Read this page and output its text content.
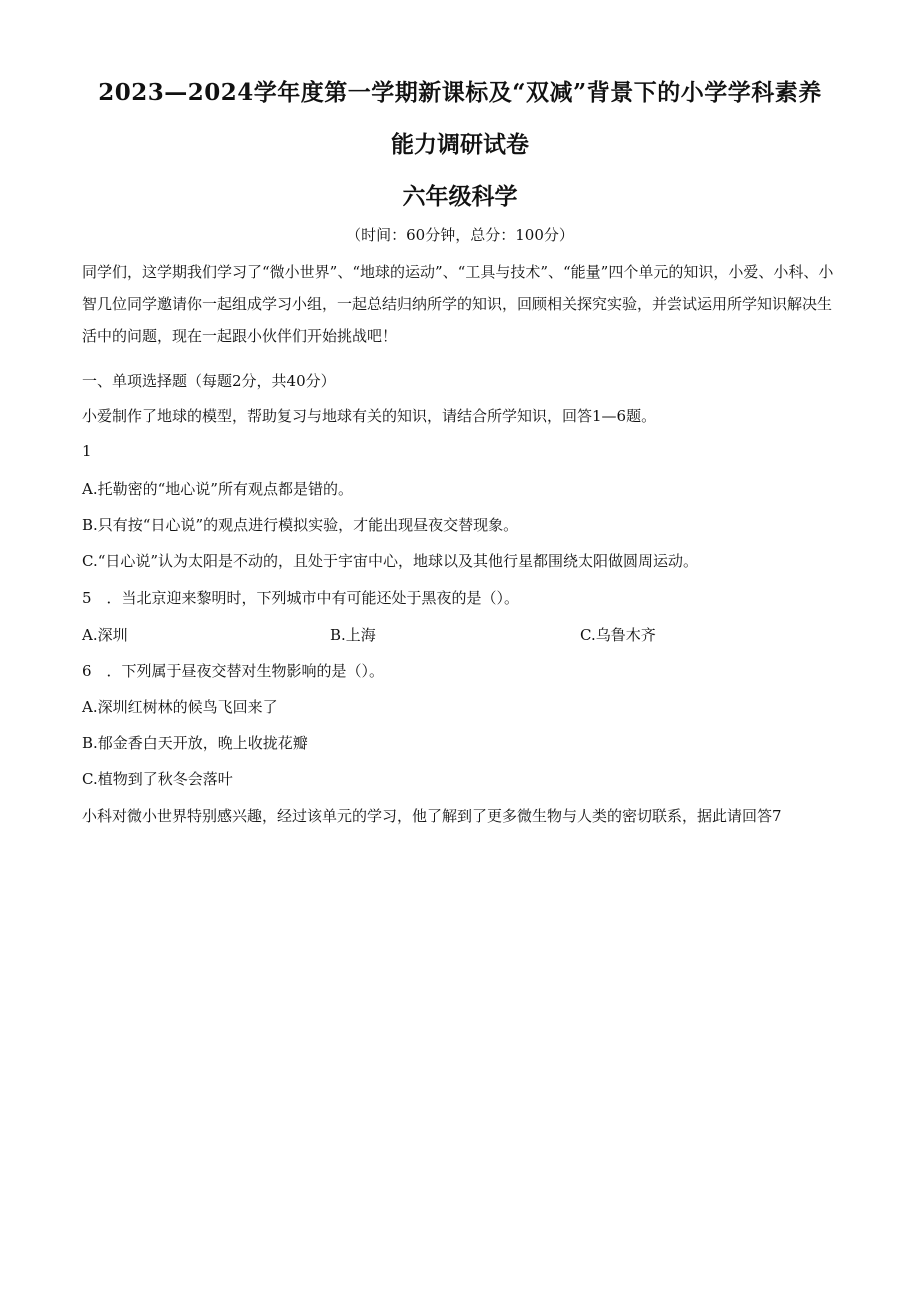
2023—2024学年度第一学期新课标及“双减”背景下的小学学科素养
能力调研试卷
六年级科学
（时间：60分钟，总分：100分）
同学们，这学期我们学习了“微小世界”、“地球的运动”、“工具与技术”、“能量”四个单元的知识，小爱、小科、小智几位同学邀请你一起组成学习小组，一起总结归纳所学的知识，回顾相关探究实验，并尝试运用所学知识解决生活中的问题，现在一起跟小伙伴们开始挑战吧！
一、单项选择题（每题2分，共40分）
小爱制作了地球的模型，帮助复习与地球有关的知识，请结合所学知识，回答1—6题。
1
A.托勒密的“地心说”所有观点都是错的。
B.只有按“日心说”的观点进行模拟实验，才能出现昼夜交替现象。
C.“日心说”认为太阳是不动的，且处于宇宙中心，地球以及其他行星都围绕太阳做圆周运动。
5　．当北京迎来黎明时，下列城市中有可能还处于黑夜的是（）。
A.深圳	B.上海	C.乌鲁木齐
6　．下列属于昼夜交替对生物影响的是（）。
A.深圳红树林的候鸟飞回来了
B.郁金香白天开放，晚上收拢花瓣
C.植物到了秋冬会落叶
小科对微小世界特别感兴趣，经过该单元的学习，他了解到了更多微生物与人类的密切联系，据此请回答7
